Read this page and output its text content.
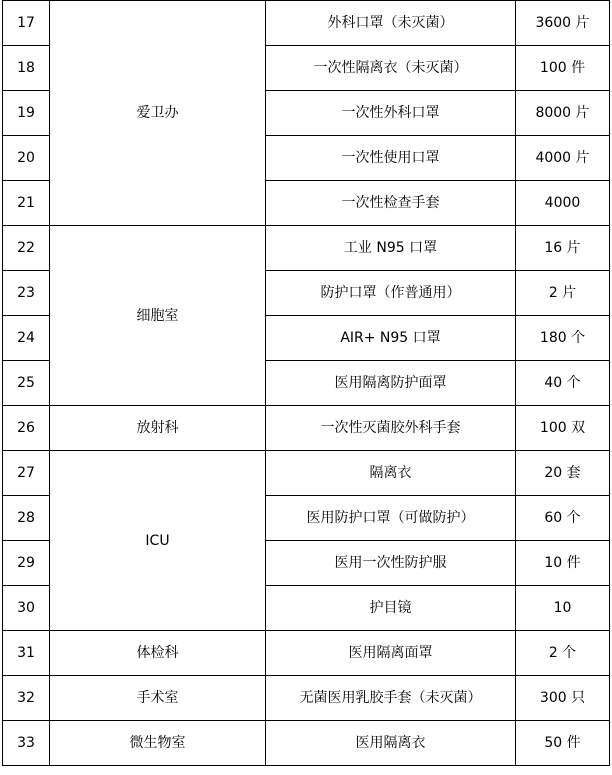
17	爱卫办	外科口罩（未灭菌）	3600 片
18		一次性隔离衣（未灭菌）	100 件
19		一次性外科口罩	8000 片
20		一次性使用口罩	4000 片
21		一次性检查手套	4000
22	细胞室	工业 N95 口罩	16 片
23		防护口罩（作普通用）	2 片
24		AIR+ N95 口罩	180 个
25		医用隔离防护面罩	40 个
26	放射科	一次性灭菌胶外科手套	100 双
27	ICU	隔离衣	20 套
28		医用防护口罩（可做防护）	60 个
29		医用一次性防护服	10 件
30		护目镜	10
31	体检科	医用隔离面罩	2 个
32	手术室	无菌医用乳胶手套（未灭菌）	300 只
33	微生物室	医用隔离衣	50 件
